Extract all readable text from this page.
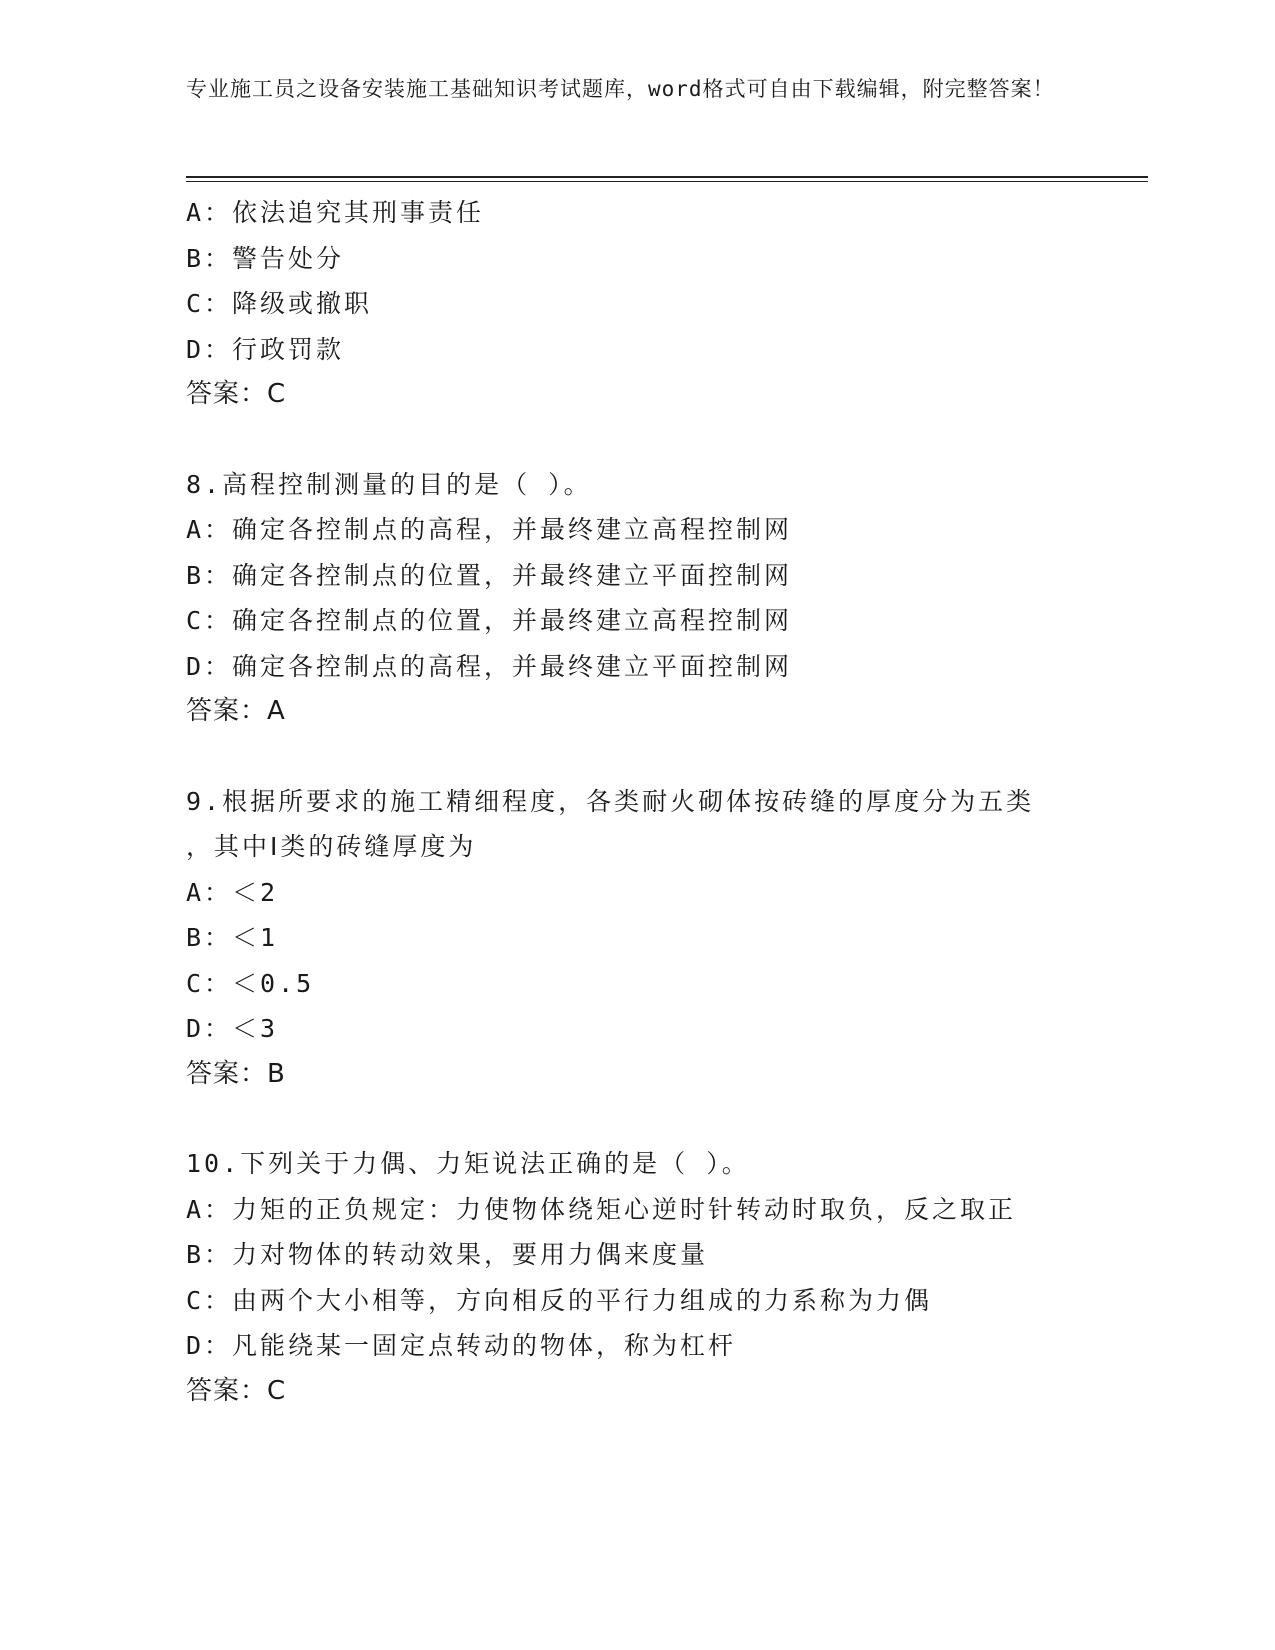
专业施工员之设备安装施工基础知识考试题库，word格式可自由下载编辑，附完整答案！
A：依法追究其刑事责任
B：警告处分
C：降级或撤职
D：行政罚款
答案：C
8.高程控制测量的目的是（ ）。
A：确定各控制点的高程，并最终建立高程控制网
B：确定各控制点的位置，并最终建立平面控制网
C：确定各控制点的位置，并最终建立高程控制网
D：确定各控制点的高程，并最终建立平面控制网
答案：A
9.根据所要求的施工精细程度，各类耐火砌体按砖缝的厚度分为五类
，其中Ⅰ类的砖缝厚度为
A：＜2
B：＜1
C：＜0.5
D：＜3
答案：B
10.下列关于力偶、力矩说法正确的是（ ）。
A：力矩的正负规定：力使物体绕矩心逆时针转动时取负，反之取正
B：力对物体的转动效果，要用力偶来度量
C：由两个大小相等，方向相反的平行力组成的力系称为力偶
D：凡能绕某一固定点转动的物体，称为杠杆
答案：C
